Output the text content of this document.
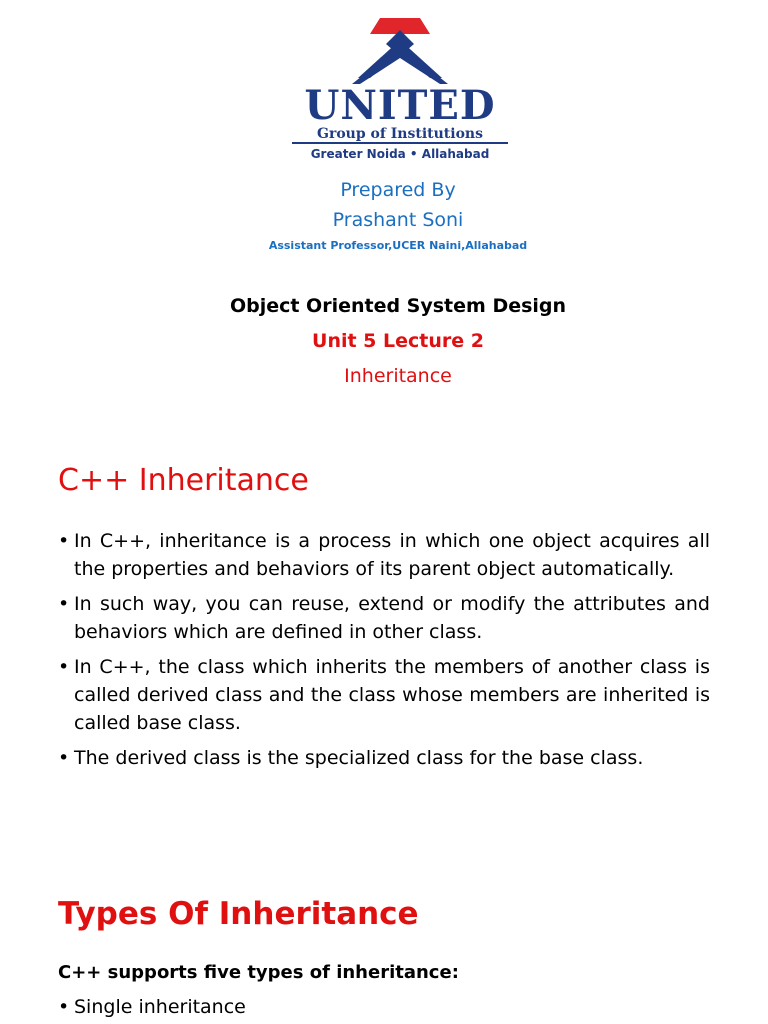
UNITED
Group of Institutions
Greater Noida • Allahabad
Prepared By
Prashant Soni
Assistant Professor,UCER Naini,Allahabad
Object Oriented System Design
Unit 5 Lecture 2
Inheritance
C++ Inheritance
• In C++, inheritance is a process in which one object acquires all the properties and behaviors of its parent object automatically.
• In such way, you can reuse, extend or modify the attributes and behaviors which are defined in other class.
• In C++, the class which inherits the members of another class is called derived class and the class whose members are inherited is called base class.
• The derived class is the specialized class for the base class.
Types Of Inheritance
C++ supports five types of inheritance:
• Single inheritance
